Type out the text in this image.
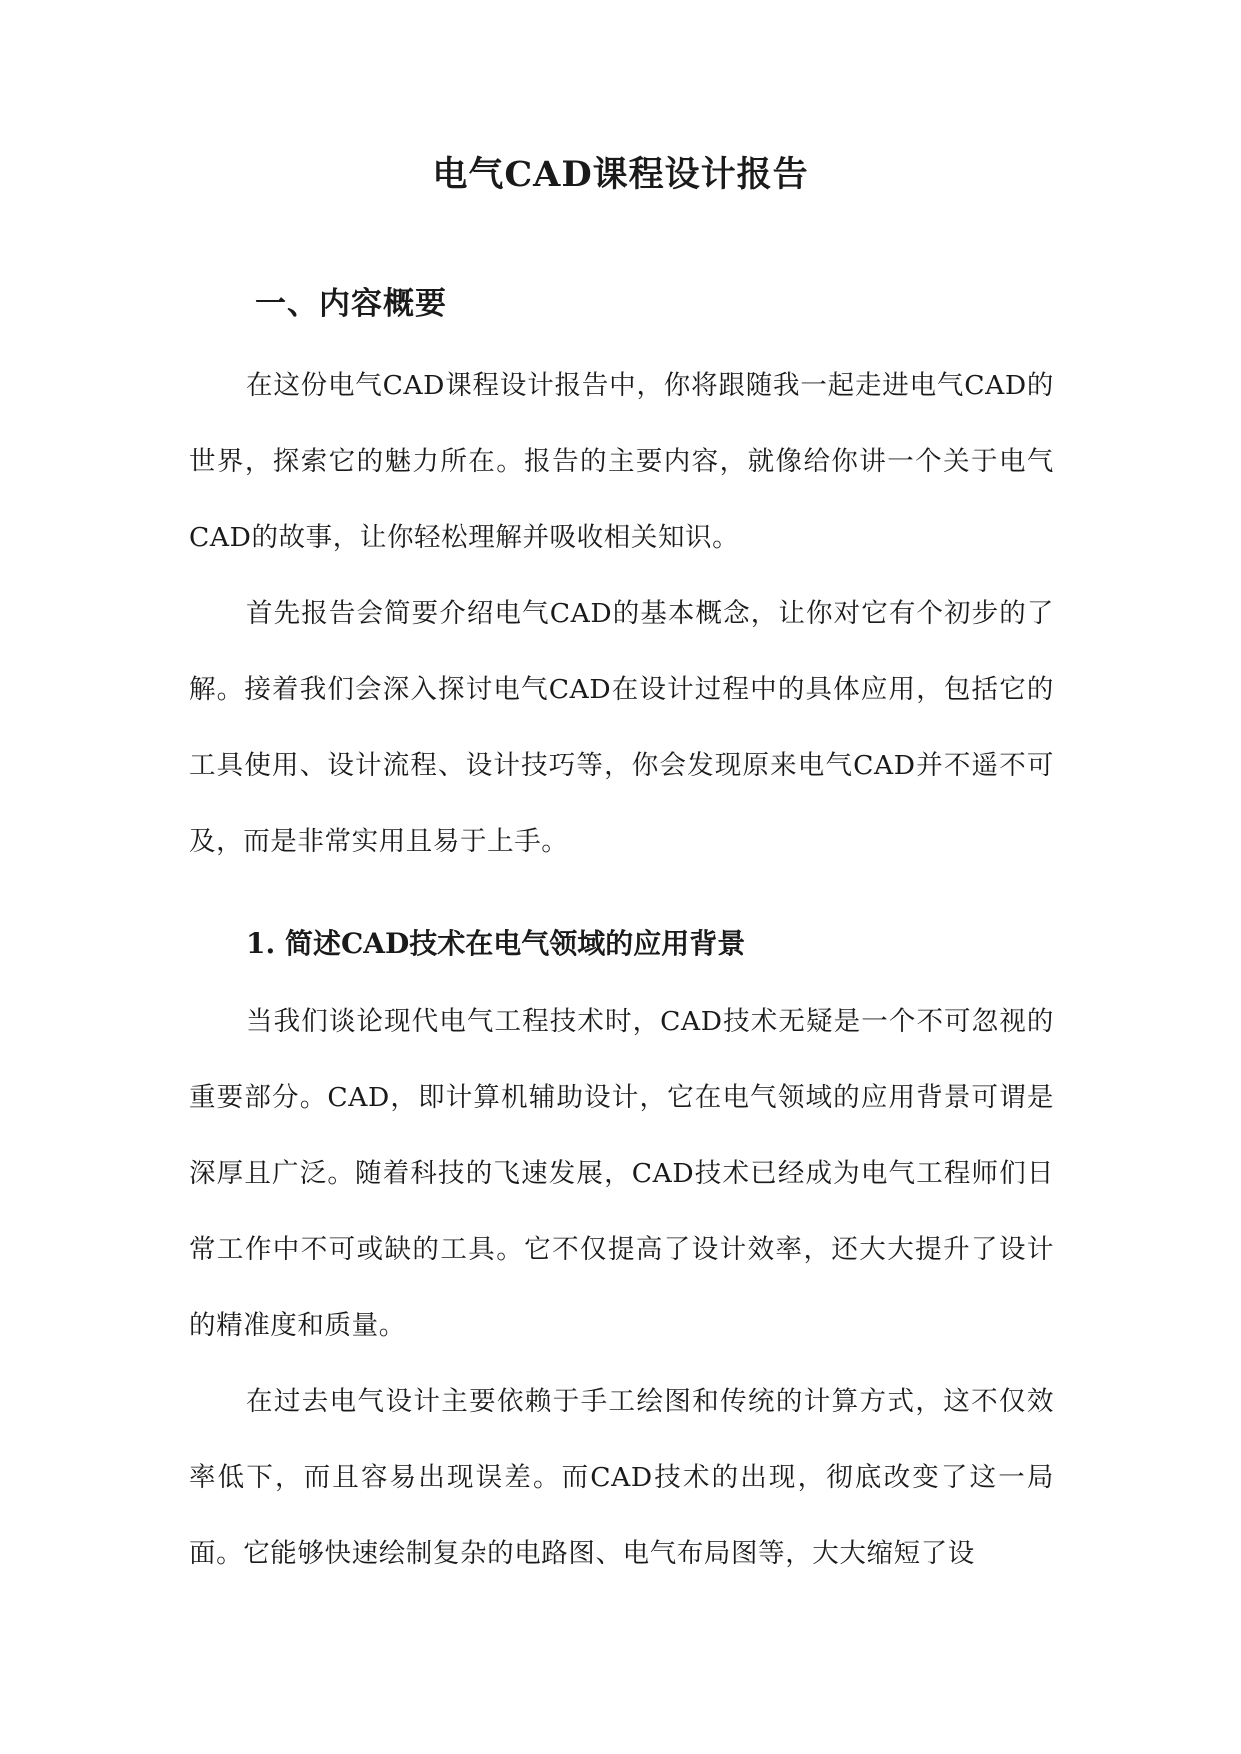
电气CAD课程设计报告
一、内容概要

在这份电气CAD课程设计报告中，你将跟随我一起走进电气CAD的世界，探索它的魅力所在。报告的主要内容，就像给你讲一个关于电气CAD的故事，让你轻松理解并吸收相关知识。

首先报告会简要介绍电气CAD的基本概念，让你对它有个初步的了解。接着我们会深入探讨电气CAD在设计过程中的具体应用，包括它的工具使用、设计流程、设计技巧等，你会发现原来电气CAD并不遥不可及，而是非常实用且易于上手。

1. 简述CAD技术在电气领域的应用背景

当我们谈论现代电气工程技术时，CAD技术无疑是一个不可忽视的重要部分。CAD，即计算机辅助设计，它在电气领域的应用背景可谓是深厚且广泛。随着科技的飞速发展，CAD技术已经成为电气工程师们日常工作中不可或缺的工具。它不仅提高了设计效率，还大大提升了设计的精准度和质量。

在过去电气设计主要依赖于手工绘图和传统的计算方式，这不仅效率低下，而且容易出现误差。而CAD技术的出现，彻底改变了这一局面。它能够快速绘制复杂的电路图、电气布局图等，大大缩短了设
